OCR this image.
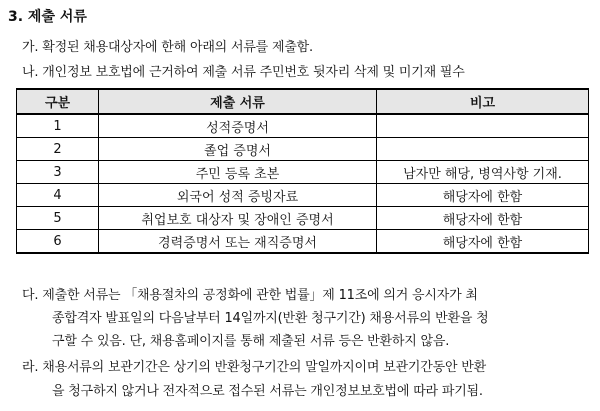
3. 제출 서류
가. 확정된 채용대상자에 한해 아래의 서류를 제출함.
나. 개인정보 보호법에 근거하여 제출 서류 주민번호 뒷자리 삭제 및 미기재 필수
구분	제출 서류	비고
1	성적증명서	
2	졸업 증명서	
3	주민 등록 초본	남자만 해당, 병역사항 기재.
4	외국어 성적 증빙자료	해당자에 한함
5	취업보호 대상자 및 장애인 증명서	해당자에 한함
6	경력증명서 또는 재직증명서	해당자에 한함
다. 제출한 서류는 「채용절차의 공정화에 관한 법률」제 11조에 의거 응시자가 최
종합격자 발표일의 다음날부터 14일까지(반환 청구기간) 채용서류의 반환을 청
구할 수 있음. 단, 채용홈페이지를 통해 제출된 서류 등은 반환하지 않음.
라. 채용서류의 보관기간은 상기의 반환청구기간의 말일까지이며 보관기간동안 반환
을 청구하지 않거나 전자적으로 접수된 서류는 개인정보보호법에 따라 파기됨.
